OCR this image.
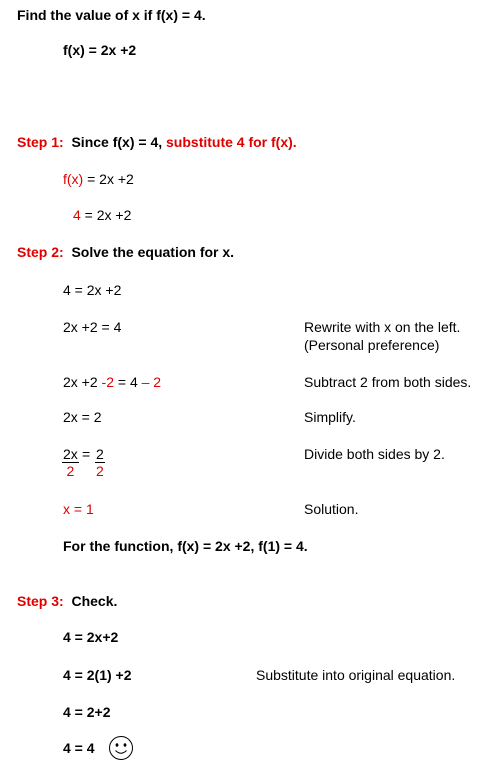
Find the value of x if f(x) = 4.
f(x) = 2x +2
Step 1: Since f(x) = 4, substitute 4 for f(x).
f(x) = 2x +2
4 = 2x +2
Step 2: Solve the equation for x.
4 = 2x +2
2x +2 = 4	Rewrite with x on the left.
(Personal preference)
2x +2 -2 = 4 – 2	Subtract 2 from both sides.
2x = 2	Simplify.
$\frac{2x}{2} = \frac{2}{2}$	Divide both sides by 2.
x = 1	Solution.
For the function, f(x) = 2x +2, f(1) = 4.
Step 3: Check.
4 = 2x+2
4 = 2(1) +2	Substitute into original equation.
4 = 2+2
4 = 4
